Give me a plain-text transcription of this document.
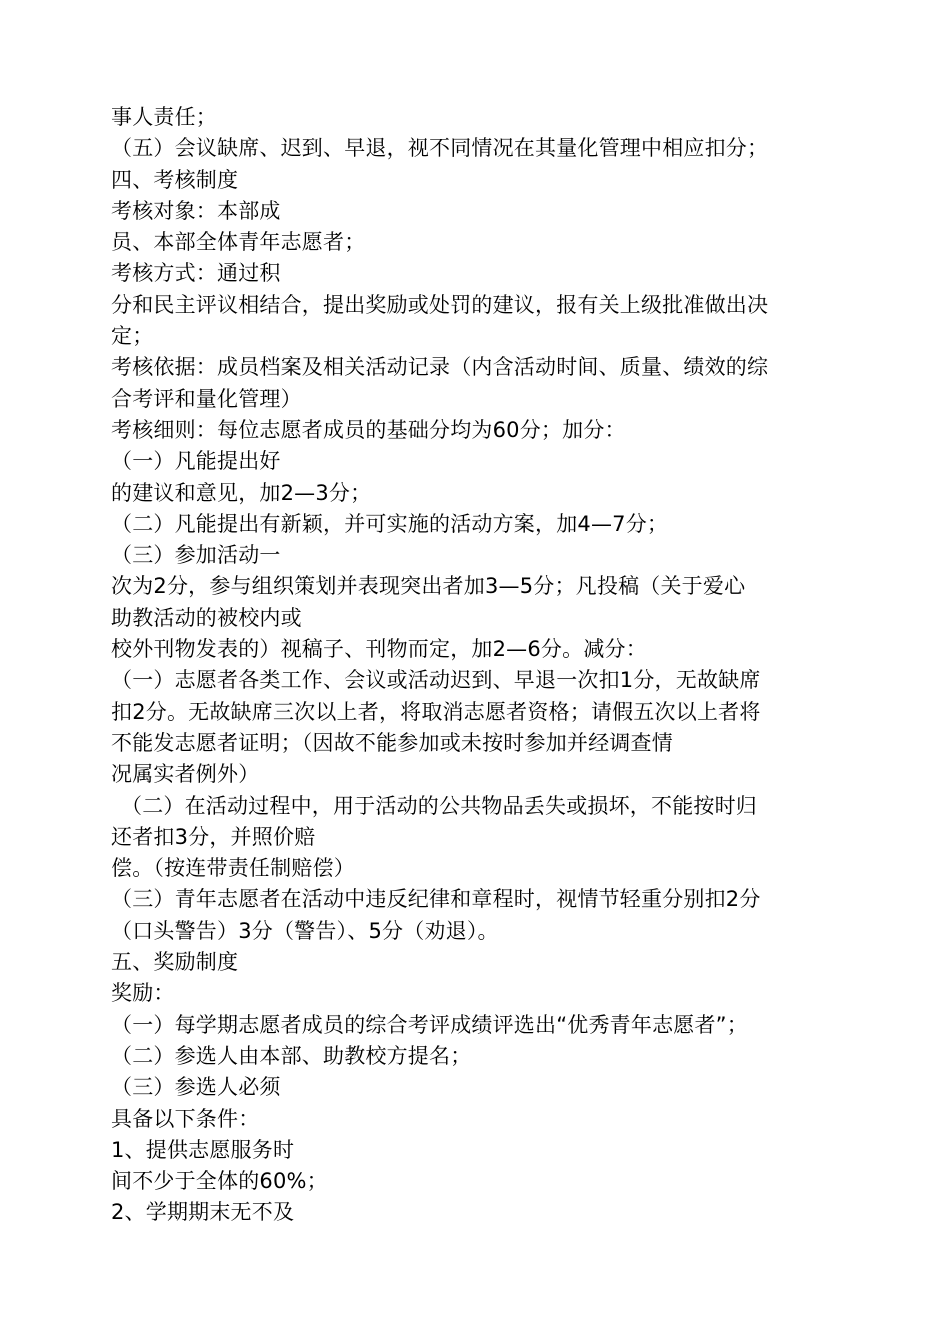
事人责任；
（五）会议缺席、迟到、早退，视不同情况在其量化管理中相应扣分；
四、考核制度
考核对象：本部成
员、本部全体青年志愿者；
考核方式：通过积
分和民主评议相结合，提出奖励或处罚的建议，报有关上级批准做出决
定；
考核依据：成员档案及相关活动记录（内含活动时间、质量、绩效的综
合考评和量化管理）
考核细则：每位志愿者成员的基础分均为60分；加分：
（一）凡能提出好
的建议和意见，加2—3分；
（二）凡能提出有新颖，并可实施的活动方案，加4—7分；
（三）参加活动一
次为2分，参与组织策划并表现突出者加3—5分；凡投稿（关于爱心
助教活动的被校内或
校外刊物发表的）视稿子、刊物而定，加2—6分。减分：
（一）志愿者各类工作、会议或活动迟到、早退一次扣1分，无故缺席
扣2分。无故缺席三次以上者，将取消志愿者资格；请假五次以上者将
不能发志愿者证明；（因故不能参加或未按时参加并经调查情
况属实者例外）
（二）在活动过程中，用于活动的公共物品丢失或损坏，不能按时归
还者扣3分，并照价赔
偿。（按连带责任制赔偿）
（三）青年志愿者在活动中违反纪律和章程时，视情节轻重分别扣2分
（口头警告）3分（警告）、5分（劝退）。
五、奖励制度
奖励：
（一）每学期志愿者成员的综合考评成绩评选出“优秀青年志愿者”；
（二）参选人由本部、助教校方提名；
（三）参选人必须
具备以下条件：
1、提供志愿服务时
间不少于全体的60%；
2、学期期末无不及
